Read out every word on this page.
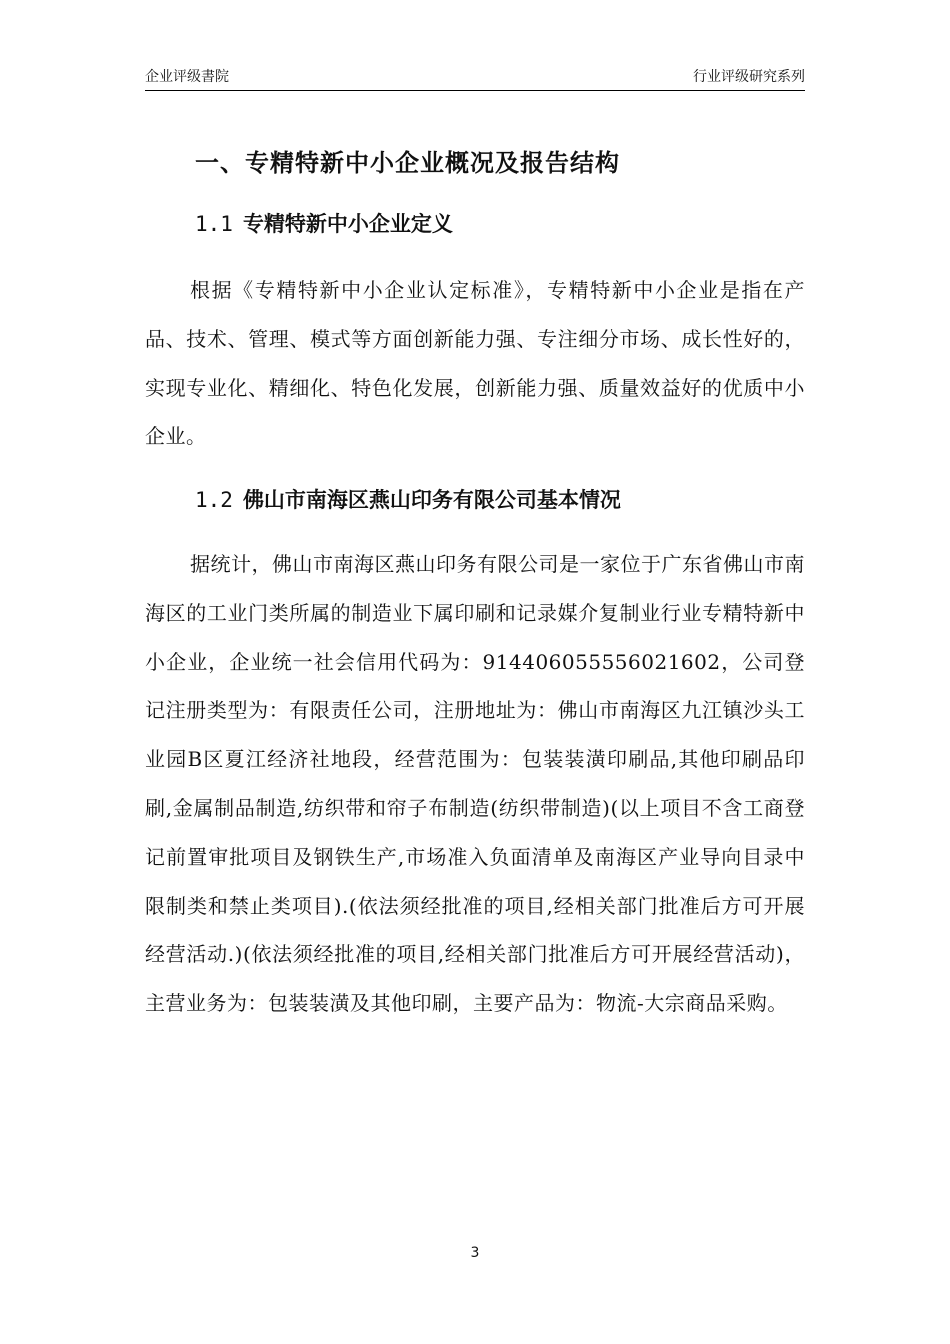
企业评级書院	行业评级研究系列
一、专精特新中小企业概况及报告结构
1.1 专精特新中小企业定义

根据《专精特新中小企业认定标准》，专精特新中小企业是指在产品、技术、管理、模式等方面创新能力强、专注细分市场、成长性好的，实现专业化、精细化、特色化发展，创新能力强、质量效益好的优质中小企业。

1.2 佛山市南海区燕山印务有限公司基本情况

据统计，佛山市南海区燕山印务有限公司是一家位于广东省佛山市南海区的工业门类所属的制造业下属印刷和记录媒介复制业行业专精特新中小企业，企业统一社会信用代码为：914406055556021602，公司登记注册类型为：有限责任公司，注册地址为：佛山市南海区九江镇沙头工业园B区夏江经济社地段，经营范围为：包装装潢印刷品,其他印刷品印刷,金属制品制造,纺织带和帘子布制造(纺织带制造)(以上项目不含工商登记前置审批项目及钢铁生产,市场准入负面清单及南海区产业导向目录中限制类和禁止类项目).(依法须经批准的项目,经相关部门批准后方可开展经营活动.)(依法须经批准的项目,经相关部门批准后方可开展经营活动)，主营业务为：包装装潢及其他印刷，主要产品为：物流-大宗商品采购。

3
